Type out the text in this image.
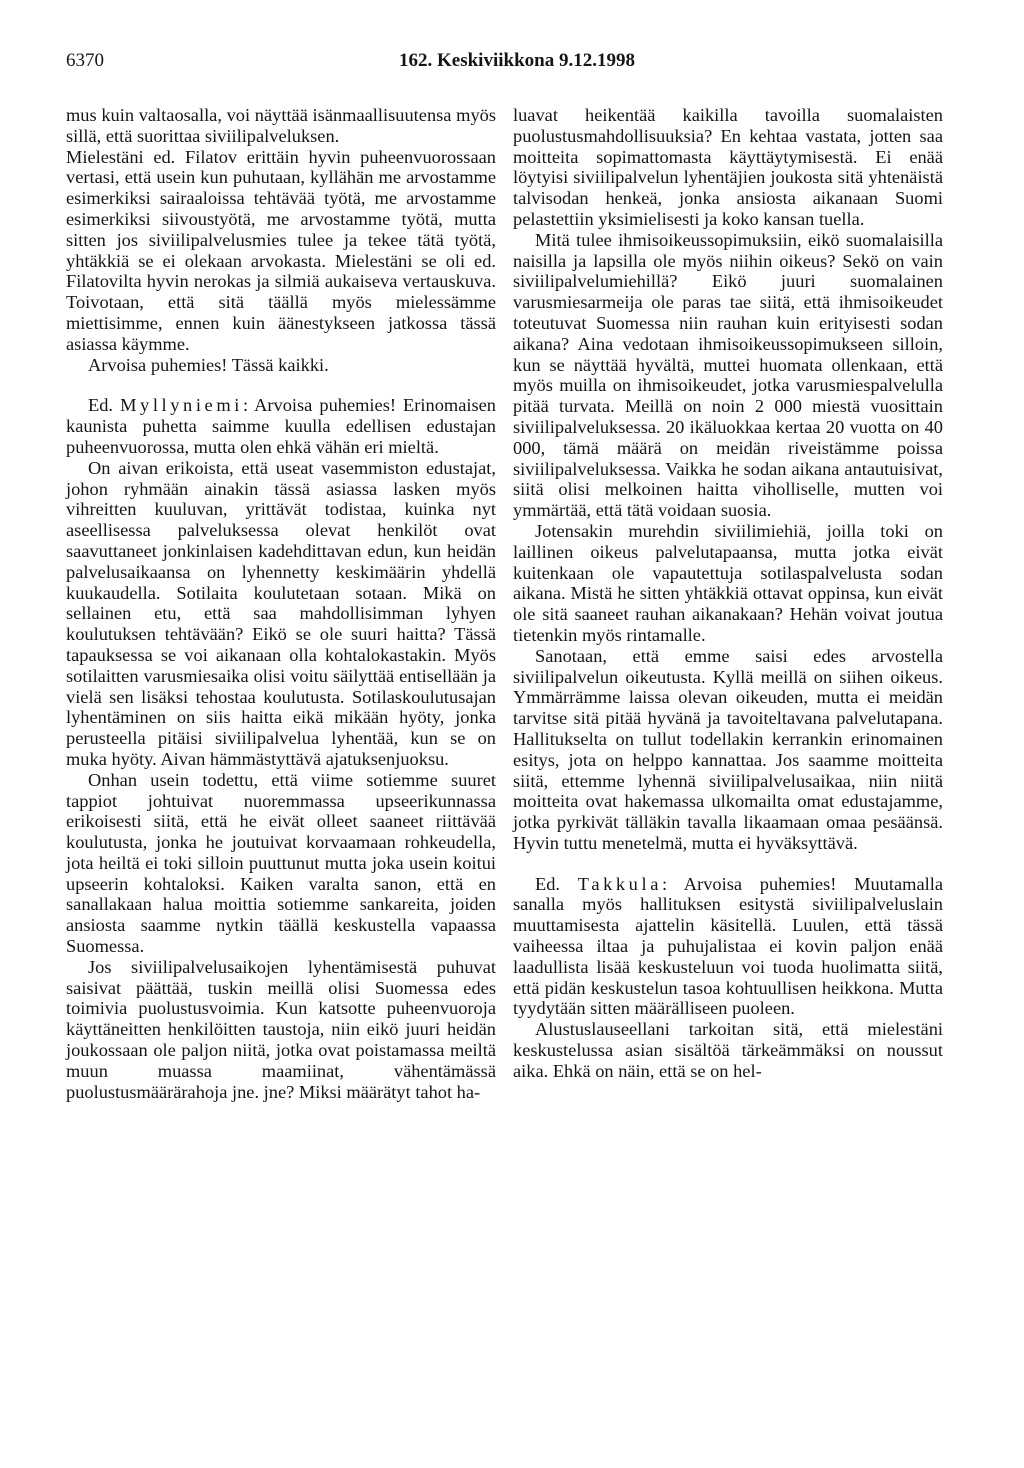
6370	162. Keskiviikkona 9.12.1998

mus kuin valtaosalla, voi näyttää isänmaallisuutensa myös sillä, että suorittaa siviilipalveluksen.

Mielestäni ed. Filatov erittäin hyvin puheenvuorossaan vertasi, että usein kun puhutaan, kyllähän me arvostamme esimerkiksi sairaaloissa tehtävää työtä, me arvostamme esimerkiksi siivoustyötä, me arvostamme työtä, mutta sitten jos siviilipalvelusmies tulee ja tekee tätä työtä, yhtäkkiä se ei olekaan arvokasta. Mielestäni se oli ed. Filatovilta hyvin nerokas ja silmiä aukaiseva vertauskuva. Toivotaan, että sitä täällä myös mielessämme miettisimme, ennen kuin äänestykseen jatkossa tässä asiassa käymme.

Arvoisa puhemies! Tässä kaikki.

Ed. Myllyniemi: Arvoisa puhemies! Erinomaisen kaunista puhetta saimme kuulla edellisen edustajan puheenvuorossa, mutta olen ehkä vähän eri mieltä.

On aivan erikoista, että useat vasemmiston edustajat, johon ryhmään ainakin tässä asiassa lasken myös vihreitten kuuluvan, yrittävät todistaa, kuinka nyt aseellisessa palveluksessa olevat henkilöt ovat saavuttaneet jonkinlaisen kadehdittavan edun, kun heidän palvelusaikaansa on lyhennetty keskimäärin yhdellä kuukaudella. Sotilaita koulutetaan sotaan. Mikä on sellainen etu, että saa mahdollisimman lyhyen koulutuksen tehtävään? Eikö se ole suuri haitta? Tässä tapauksessa se voi aikanaan olla kohtalokastakin. Myös sotilaitten varusmiesaika olisi voitu säilyttää entisellään ja vielä sen lisäksi tehostaa koulutusta. Sotilaskoulutusajan lyhentäminen on siis haitta eikä mikään hyöty, jonka perusteella pitäisi siviilipalvelua lyhentää, kun se on muka hyöty. Aivan hämmästyttävä ajatuksenjuoksu.

Onhan usein todettu, että viime sotiemme suuret tappiot johtuivat nuoremmassa upseerikunnassa erikoisesti siitä, että he eivät olleet saaneet riittävää koulutusta, jonka he joutuivat korvaamaan rohkeudella, jota heiltä ei toki silloin puuttunut mutta joka usein koitui upseerin kohtaloksi. Kaiken varalta sanon, että en sanallakaan halua moittia sotiemme sankareita, joiden ansiosta saamme nytkin täällä keskustella vapaassa Suomessa.

Jos siviilipalvelusaikojen lyhentämisestä puhuvat saisivat päättää, tuskin meillä olisi Suomessa edes toimivia puolustusvoimia. Kun katsotte puheenvuoroja käyttäneitten henkilöitten taustoja, niin eikö juuri heidän joukossaan ole paljon niitä, jotka ovat poistamassa meiltä muun muassa maamiinat, vähentämässä puolustusmäärärahoja jne. jne? Miksi määrätyt tahot ha-

luavat heikentää kaikilla tavoilla suomalaisten puolustusmahdollisuuksia? En kehtaa vastata, jotten saa moitteita sopimattomasta käyttäytymisestä. Ei enää löytyisi siviilipalvelun lyhentäjien joukosta sitä yhtenäistä talvisodan henkeä, jonka ansiosta aikanaan Suomi pelastettiin yksimielisesti ja koko kansan tuella.

Mitä tulee ihmisoikeussopimuksiin, eikö suomalaisilla naisilla ja lapsilla ole myös niihin oikeus? Sekö on vain siviilipalvelumiehillä? Eikö juuri suomalainen varusmiesarmeija ole paras tae siitä, että ihmisoikeudet toteutuvat Suomessa niin rauhan kuin erityisesti sodan aikana? Aina vedotaan ihmisoikeussopimukseen silloin, kun se näyttää hyvältä, muttei huomata ollenkaan, että myös muilla on ihmisoikeudet, jotka varusmiespalvelulla pitää turvata. Meillä on noin 2 000 miestä vuosittain siviilipalveluksessa. 20 ikäluokkaa kertaa 20 vuotta on 40 000, tämä määrä on meidän riveistämme poissa siviilipalveluksessa. Vaikka he sodan aikana antautuisivat, siitä olisi melkoinen haitta viholliselle, mutten voi ymmärtää, että tätä voidaan suosia.

Jotensakin murehdin siviilimiehiä, joilla toki on laillinen oikeus palvelutapaansa, mutta jotka eivät kuitenkaan ole vapautettuja sotilaspalvelusta sodan aikana. Mistä he sitten yhtäkkiä ottavat oppinsa, kun eivät ole sitä saaneet rauhan aikanakaan? Hehän voivat joutua tietenkin myös rintamalle.

Sanotaan, että emme saisi edes arvostella siviilipalvelun oikeutusta. Kyllä meillä on siihen oikeus. Ymmärrämme laissa olevan oikeuden, mutta ei meidän tarvitse sitä pitää hyvänä ja tavoiteltavana palvelutapana. Hallitukselta on tullut todellakin kerrankin erinomainen esitys, jota on helppo kannattaa. Jos saamme moitteita siitä, ettemme lyhennä siviilipalvelusaikaa, niin niitä moitteita ovat hakemassa ulkomailta omat edustajamme, jotka pyrkivät tälläkin tavalla likaamaan omaa pesäänsä. Hyvin tuttu menetelmä, mutta ei hyväksyttävä.

Ed. Takkula: Arvoisa puhemies! Muutamalla sanalla myös hallituksen esitystä siviilipalveluslain muuttamisesta ajattelin käsitellä. Luulen, että tässä vaiheessa iltaa ja puhujalistaa ei kovin paljon enää laadullista lisää keskusteluun voi tuoda huolimatta siitä, että pidän keskustelun tasoa kohtuullisen heikkona. Mutta tyydytään sitten määrälliseen puoleen.

Alustuslauseellani tarkoitan sitä, että mielestäni keskustelussa asian sisältöä tärkeämmäksi on noussut aika. Ehkä on näin, että se on hel-
